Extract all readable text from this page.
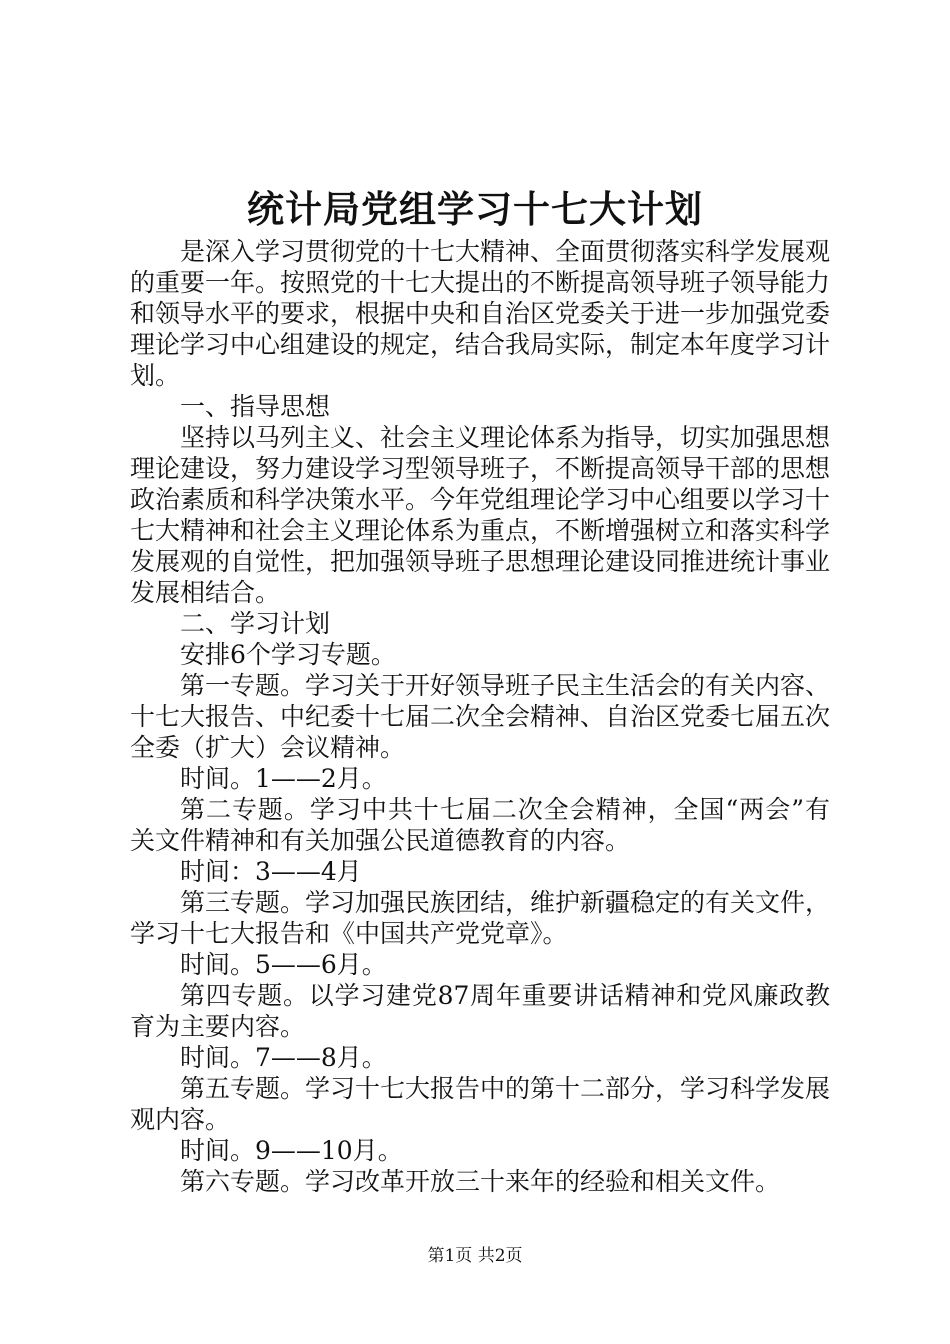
统计局党组学习十七大计划

是深入学习贯彻党的十七大精神、全面贯彻落实科学发展观的重要一年。按照党的十七大提出的不断提高领导班子领导能力和领导水平的要求，根据中央和自治区党委关于进一步加强党委理论学习中心组建设的规定，结合我局实际，制定本年度学习计划。

一、指导思想

坚持以马列主义、社会主义理论体系为指导，切实加强思想理论建设，努力建设学习型领导班子，不断提高领导干部的思想政治素质和科学决策水平。今年党组理论学习中心组要以学习十七大精神和社会主义理论体系为重点，不断增强树立和落实科学发展观的自觉性，把加强领导班子思想理论建设同推进统计事业发展相结合。

二、学习计划

安排6个学习专题。

第一专题。学习关于开好领导班子民主生活会的有关内容、十七大报告、中纪委十七届二次全会精神、自治区党委七届五次全委（扩大）会议精神。

时间。1——2月。

第二专题。学习中共十七届二次全会精神，全国“两会”有关文件精神和有关加强公民道德教育的内容。

时间：3——4月

第三专题。学习加强民族团结，维护新疆稳定的有关文件，学习十七大报告和《中国共产党党章》。

时间。5——6月。

第四专题。以学习建党87周年重要讲话精神和党风廉政教育为主要内容。

时间。7——8月。

第五专题。学习十七大报告中的第十二部分，学习科学发展观内容。

时间。9——10月。

第六专题。学习改革开放三十来年的经验和相关文件。

第1页 共2页
